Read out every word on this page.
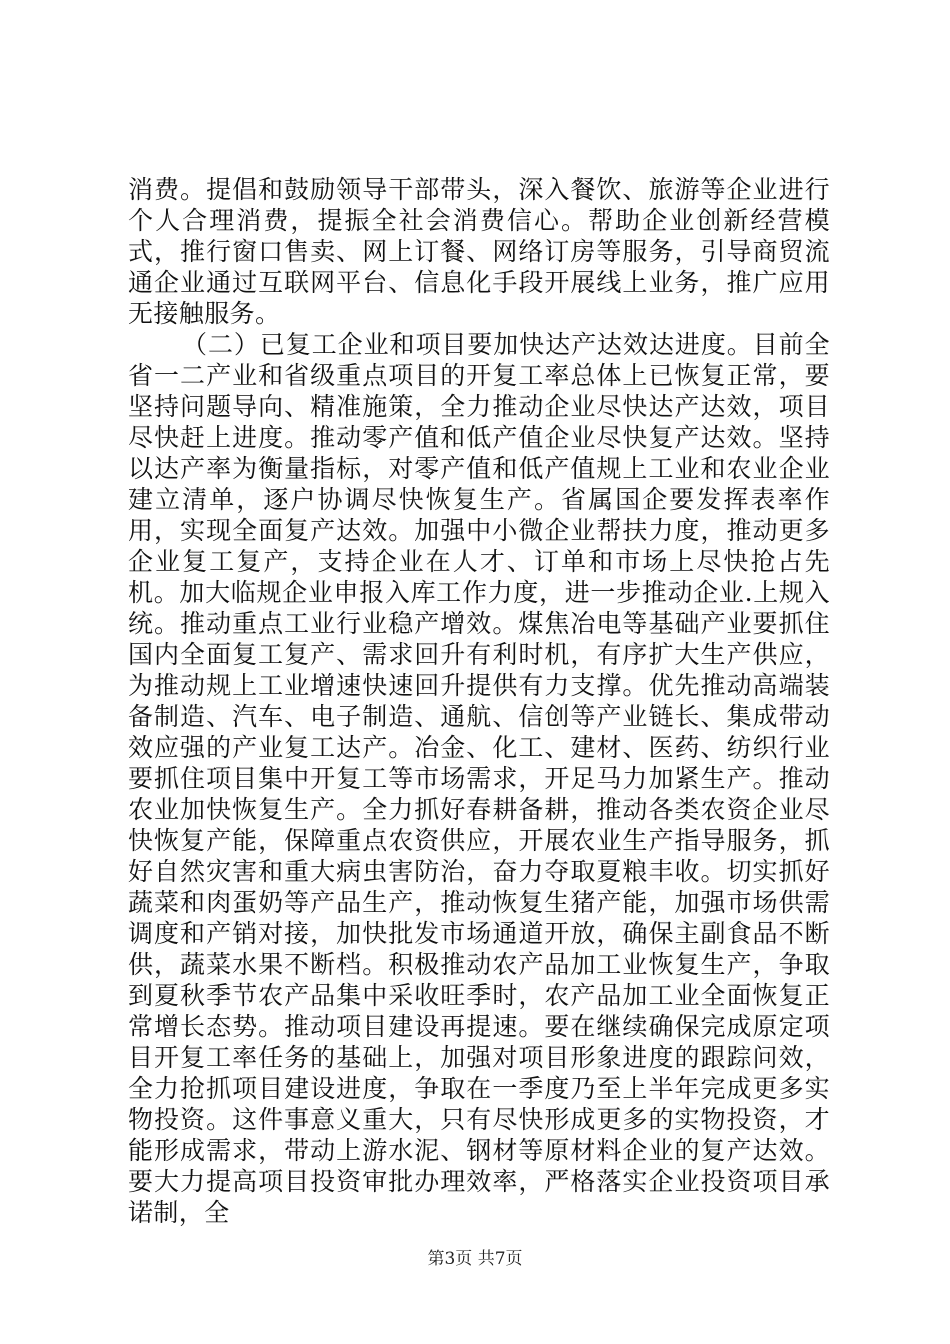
消费。提倡和鼓励领导干部带头，深入餐饮、旅游等企业进行个人合理消费，提振全社会消费信心。帮助企业创新经营模式，推行窗口售卖、网上订餐、网络订房等服务，引导商贸流通企业通过互联网平台、信息化手段开展线上业务，推广应用无接触服务。

（二）已复工企业和项目要加快达产达效达进度。目前全省一二产业和省级重点项目的开复工率总体上已恢复正常，要坚持问题导向、精准施策，全力推动企业尽快达产达效，项目尽快赶上进度。推动零产值和低产值企业尽快复产达效。坚持以达产率为衡量指标，对零产值和低产值规上工业和农业企业建立清单，逐户协调尽快恢复生产。省属国企要发挥表率作用，实现全面复产达效。加强中小微企业帮扶力度，推动更多企业复工复产，支持企业在人才、订单和市场上尽快抢占先机。加大临规企业申报入库工作力度，进一步推动企业.上规入统。推动重点工业行业稳产增效。煤焦冶电等基础产业要抓住国内全面复工复产、需求回升有利时机，有序扩大生产供应，为推动规上工业增速快速回升提供有力支撑。优先推动高端装备制造、汽车、电子制造、通航、信创等产业链长、集成带动效应强的产业复工达产。冶金、化工、建材、医药、纺织行业要抓住项目集中开复工等市场需求，开足马力加紧生产。推动农业加快恢复生产。全力抓好春耕备耕，推动各类农资企业尽快恢复产能，保障重点农资供应，开展农业生产指导服务，抓好自然灾害和重大病虫害防治，奋力夺取夏粮丰收。切实抓好蔬菜和肉蛋奶等产品生产，推动恢复生猪产能，加强市场供需调度和产销对接，加快批发市场通道开放，确保主副食品不断供，蔬菜水果不断档。积极推动农产品加工业恢复生产，争取到夏秋季节农产品集中采收旺季时，农产品加工业全面恢复正常增长态势。推动项目建设再提速。要在继续确保完成原定项目开复工率任务的基础上，加强对项目形象进度的跟踪问效，全力抢抓项目建设进度，争取在一季度乃至上半年完成更多实物投资。这件事意义重大，只有尽快形成更多的实物投资，才能形成需求，带动上游水泥、钢材等原材料企业的复产达效。要大力提高项目投资审批办理效率，严格落实企业投资项目承诺制，全

第3页 共7页
